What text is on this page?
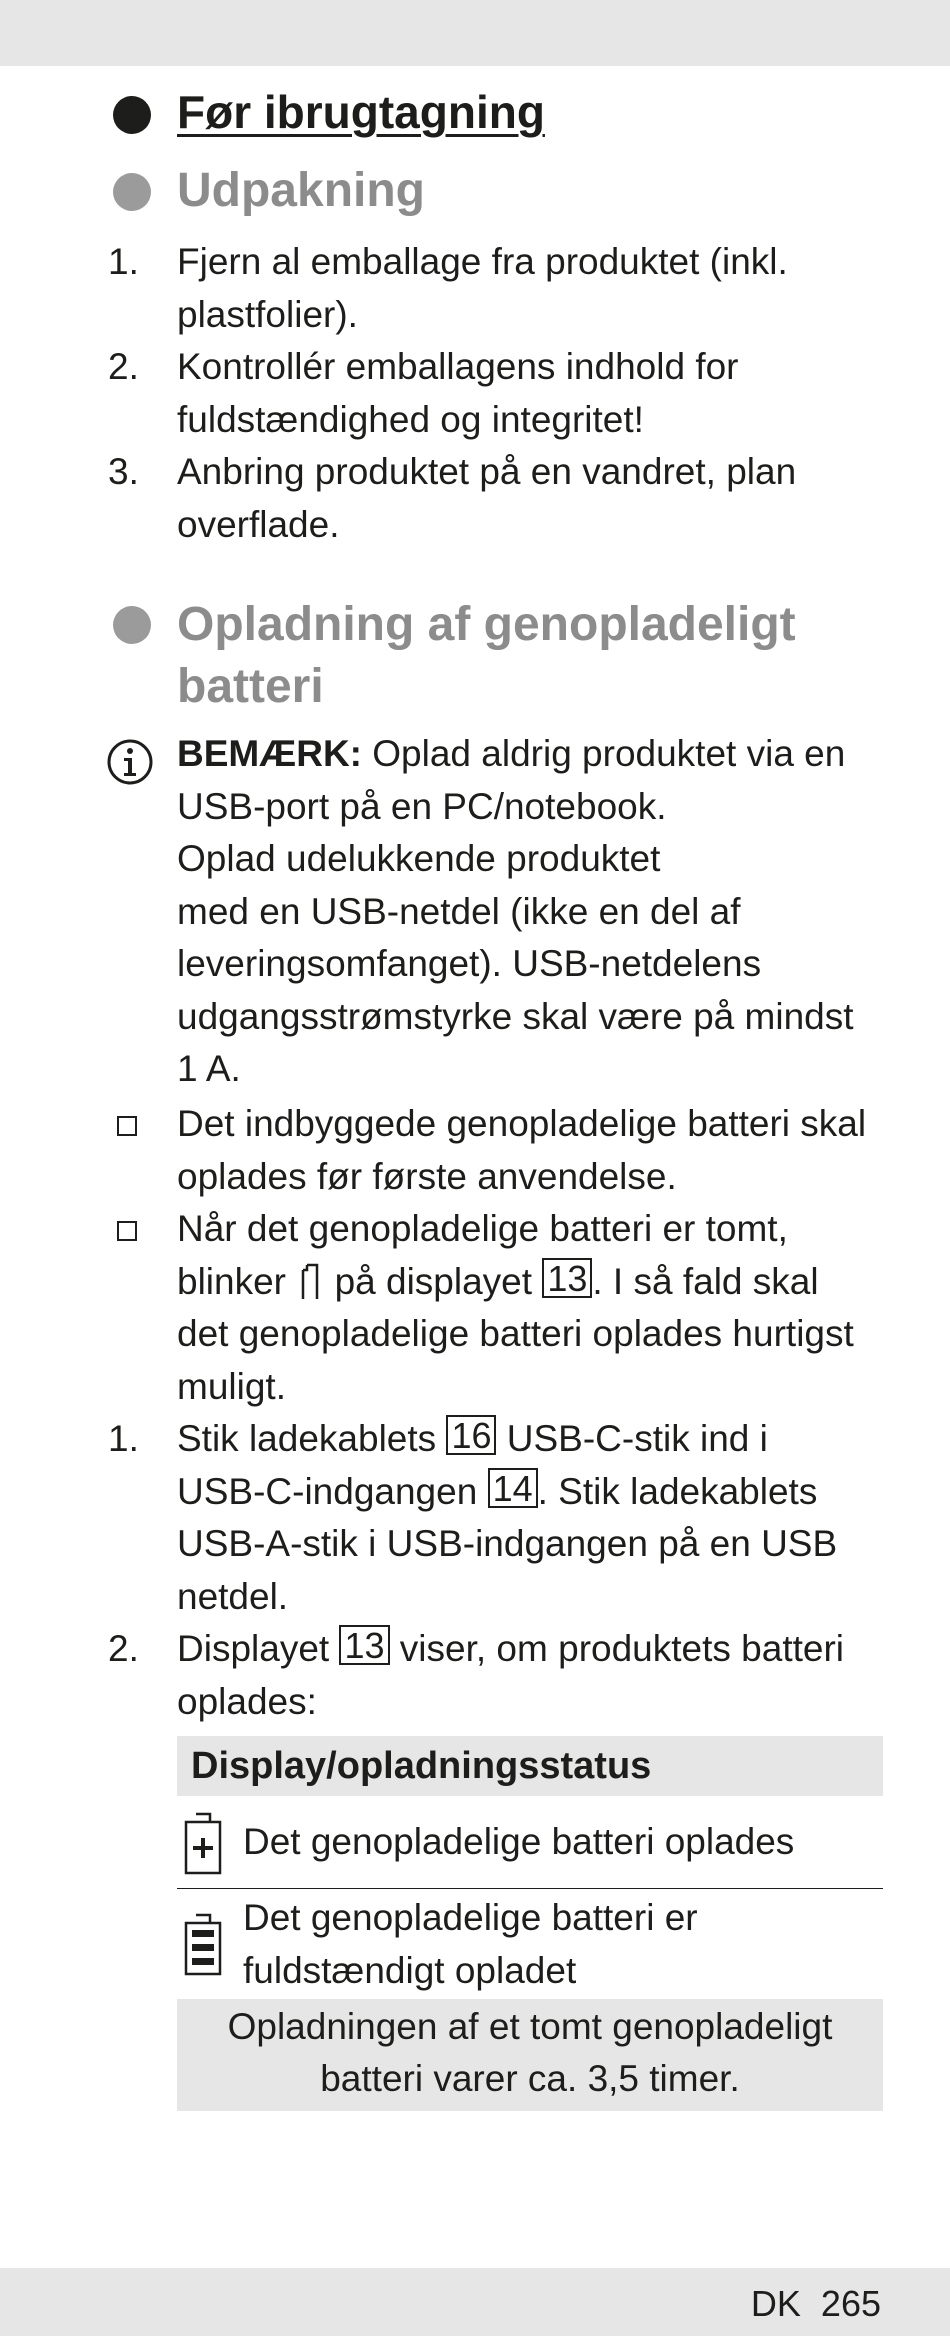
Før ibrugtagning
Udpakning
1. Fjern al emballage fra produktet (inkl.
plastfolier).
2. Kontrollér emballagens indhold for
fuldstændighed og integritet!
3. Anbring produktet på en vandret, plan
overflade.
Opladning af genopladeligt
batteri
BEMÆRK: Oplad aldrig produktet via en
USB-port på en PC/notebook.
Oplad udelukkende produktet
med en USB-netdel (ikke en del af
leveringsomfanget). USB-netdelens
udgangsstrømstyrke skal være på mindst
1 A.
Det indbyggede genopladelige batteri skal
oplades før første anvendelse.
Når det genopladelige batteri er tomt,
blinker på displayet 13 . I så fald skal
det genopladelige batteri oplades hurtigst
muligt.
1. Stik ladekablets 16 USB-C-stik ind i
USB-C-indgangen 14 . Stik ladekablets
USB-A-stik i USB-indgangen på en USB
netdel.
2. Displayet 13 viser, om produktets batteri
oplades:
Display/opladningsstatus
Det genopladelige batteri oplades
Det genopladelige batteri er
fuldstændigt opladet
Opladningen af et tomt genopladeligt
batteri varer ca. 3,5 timer.
DK 265
